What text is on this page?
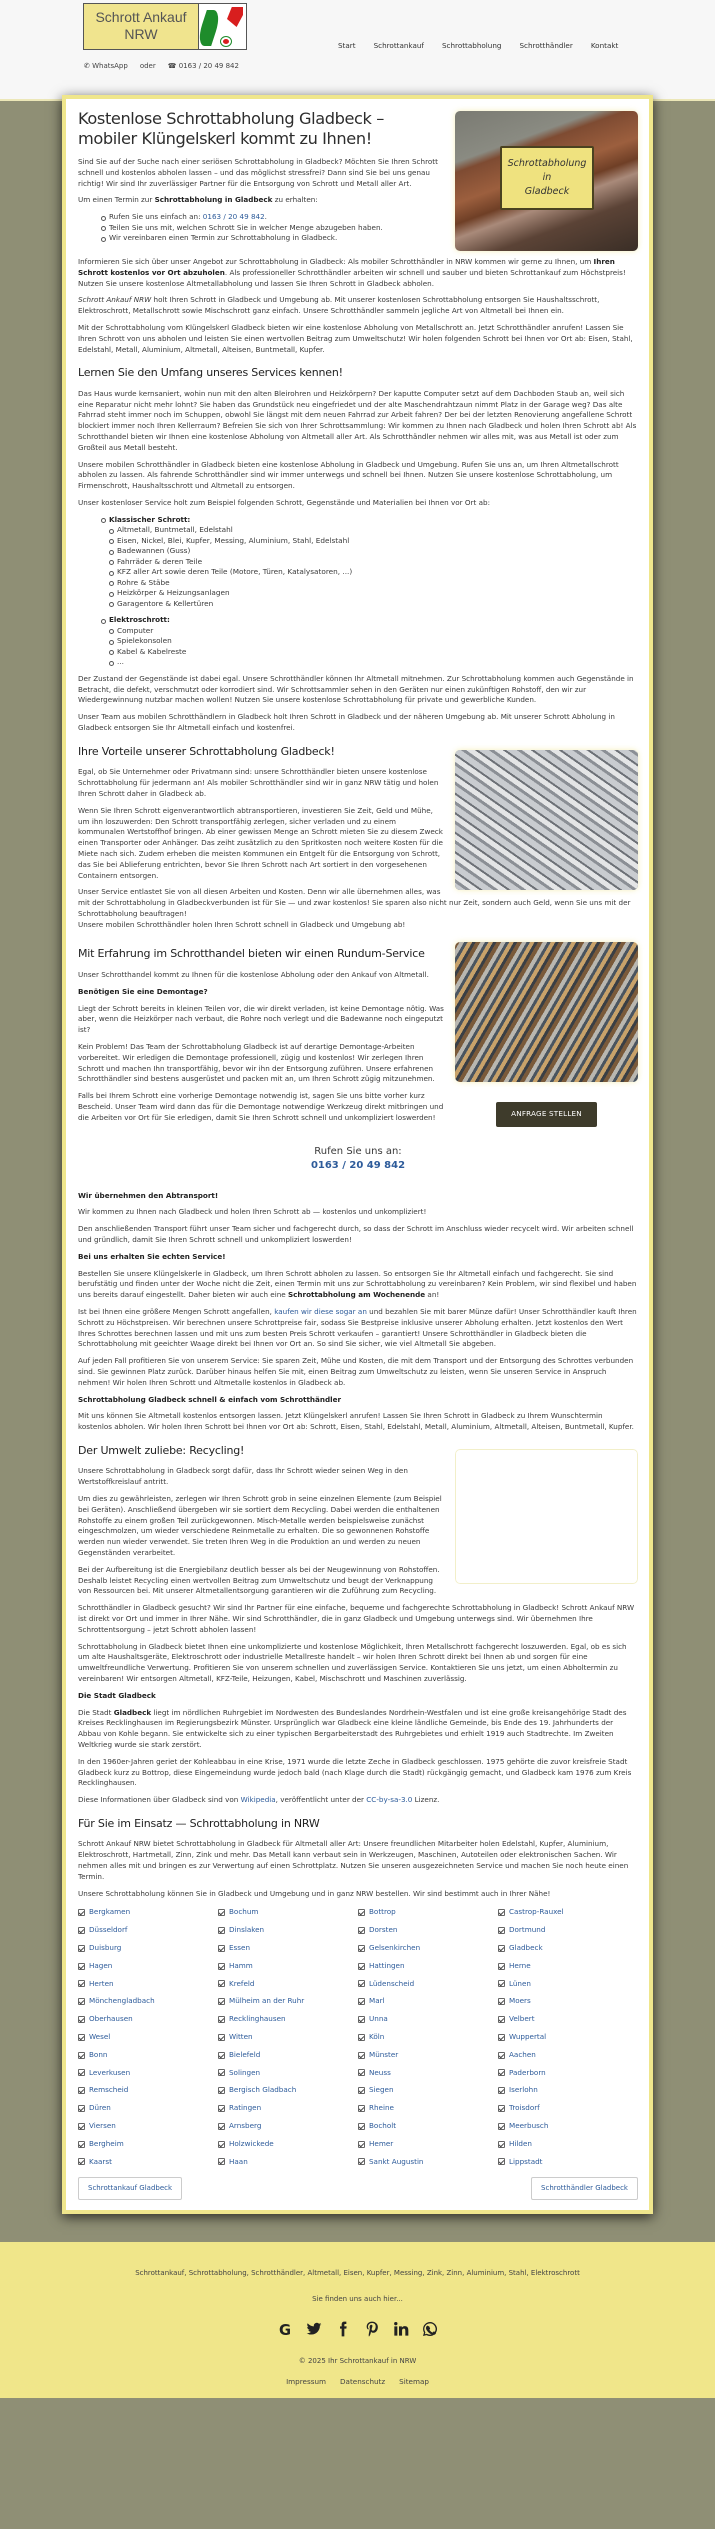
Schrott Ankauf
NRW
✆ WhatsApp oder ☎ 0163 / 20 49 842
Start	Schrottankauf	Schrottabholung	Schrotthändler	Kontakt
Schrottabholung
in
Gladbeck
Kostenlose Schrottabholung Gladbeck – mobiler Klüngelskerl kommt zu Ihnen!

Sind Sie auf der Suche nach einer seriösen Schrottabholung in Gladbeck? Möchten Sie Ihren Schrott schnell und kostenlos abholen lassen – und das möglichst stressfrei? Dann sind Sie bei uns genau richtig! Wir sind Ihr zuverlässiger Partner für die Entsorgung von Schrott und Metall aller Art.

Um einen Termin zur Schrottabholung in Gladbeck zu erhalten:

Rufen Sie uns einfach an: 0163 / 20 49 842.
Teilen Sie uns mit, welchen Schrott Sie in welcher Menge abzugeben haben.
Wir vereinbaren einen Termin zur Schrottabholung in Gladbeck.

Informieren Sie sich über unser Angebot zur Schrottabholung in Gladbeck: Als mobiler Schrotthändler in NRW kommen wir gerne zu Ihnen, um Ihren Schrott kostenlos vor Ort abzuholen. Als professioneller Schrotthändler arbeiten wir schnell und sauber und bieten Schrottankauf zum Höchstpreis! Nutzen Sie unsere kostenlose Altmetallabholung und lassen Sie Ihren Schrott in Gladbeck abholen.

Schrott Ankauf NRW holt Ihren Schrott in Gladbeck und Umgebung ab. Mit unserer kostenlosen Schrottabholung entsorgen Sie Haushaltsschrott, Elektroschrott, Metallschrott sowie Mischschrott ganz einfach. Unsere Schrotthändler sammeln jegliche Art von Altmetall bei Ihnen ein.

Mit der Schrottabholung vom Klüngelskerl Gladbeck bieten wir eine kostenlose Abholung von Metallschrott an. Jetzt Schrotthändler anrufen! Lassen Sie Ihren Schrott von uns abholen und leisten Sie einen wertvollen Beitrag zum Umweltschutz! Wir holen folgenden Schrott bei Ihnen vor Ort ab: Eisen, Stahl, Edelstahl, Metall, Aluminium, Altmetall, Alteisen, Buntmetall, Kupfer.

Lernen Sie den Umfang unseres Services kennen!

Das Haus wurde kernsaniert, wohin nun mit den alten Bleirohren und Heizkörpern? Der kaputte Computer setzt auf dem Dachboden Staub an, weil sich eine Reparatur nicht mehr lohnt? Sie haben das Grundstück neu eingefriedet und der alte Maschendrahtzaun nimmt Platz in der Garage weg? Das alte Fahrrad steht immer noch im Schuppen, obwohl Sie längst mit dem neuen Fahrrad zur Arbeit fahren? Der bei der letzten Renovierung angefallene Schrott blockiert immer noch Ihren Kellerraum? Befreien Sie sich von Ihrer Schrottsammlung: Wir kommen zu Ihnen nach Gladbeck und holen Ihren Schrott ab! Als Schrotthandel bieten wir Ihnen eine kostenlose Abholung von Altmetall aller Art. Als Schrotthändler nehmen wir alles mit, was aus Metall ist oder zum Großteil aus Metall besteht.

Unsere mobilen Schrotthändler in Gladbeck bieten eine kostenlose Abholung in Gladbeck und Umgebung. Rufen Sie uns an, um Ihren Altmetallschrott abholen zu lassen. Als fahrende Schrotthändler sind wir immer unterwegs und schnell bei Ihnen. Nutzen Sie unsere kostenlose Schrottabholung, um Firmenschrott, Haushaltsschrott und Altmetall zu entsorgen.

Unser kostenloser Service holt zum Beispiel folgenden Schrott, Gegenstände und Materialien bei Ihnen vor Ort ab:

Klassischer Schrott:
Altmetall, Buntmetall, Edelstahl
Eisen, Nickel, Blei, Kupfer, Messing, Aluminium, Stahl, Edelstahl
Badewannen (Guss)
Fahrräder & deren Teile
KFZ aller Art sowie deren Teile (Motore, Türen, Katalysatoren, ...)
Rohre & Stäbe
Heizkörper & Heizungsanlagen
Garagentore & Kellertüren
Elektroschrott:
Computer
Spielekonsolen
Kabel & Kabelreste
...

Der Zustand der Gegenstände ist dabei egal. Unsere Schrotthändler können Ihr Altmetall mitnehmen. Zur Schrottabholung kommen auch Gegenstände in Betracht, die defekt, verschmutzt oder korrodiert sind. Wir Schrottsammler sehen in den Geräten nur einen zukünftigen Rohstoff, den wir zur Wiedergewinnung nutzbar machen wollen! Nutzen Sie unsere kostenlose Schrottabholung für private und gewerbliche Kunden.

Unser Team aus mobilen Schrotthändlern in Gladbeck holt Ihren Schrott in Gladbeck und der näheren Umgebung ab. Mit unserer Schrott Abholung in Gladbeck entsorgen Sie Ihr Altmetall einfach und kostenfrei.

Ihre Vorteile unserer Schrottabholung Gladbeck!

Egal, ob Sie Unternehmer oder Privatmann sind: unsere Schrotthändler bieten unsere kostenlose Schrottabholung für jedermann an! Als mobiler Schrotthändler sind wir in ganz NRW tätig und holen Ihren Schrott daher in Gladbeck ab.

Wenn Sie Ihren Schrott eigenverantwortlich abtransportieren, investieren Sie Zeit, Geld und Mühe, um ihn loszuwerden: Den Schrott transportfähig zerlegen, sicher verladen und zu einem kommunalen Wertstoffhof bringen. Ab einer gewissen Menge an Schrott mieten Sie zu diesem Zweck einen Transporter oder Anhänger. Das zeiht zusätzlich zu den Spritkosten noch weitere Kosten für die Miete nach sich. Zudem erheben die meisten Kommunen ein Entgelt für die Entsorgung von Schrott, das Sie bei Ablieferung entrichten, bevor Sie Ihren Schrott nach Art sortiert in den vorgesehenen Containern entsorgen.

Unser Service entlastet Sie von all diesen Arbeiten und Kosten. Denn wir alle übernehmen alles, was mit der Schrottabholung in Gladbeckverbunden ist für Sie — und zwar kostenlos! Sie sparen also nicht nur Zeit, sondern auch Geld, wenn Sie uns mit der Schrottabholung beauftragen!
Unsere mobilen Schrotthändler holen Ihren Schrott schnell in Gladbeck und Umgebung ab!

Mit Erfahrung im Schrotthandel bieten wir einen Rundum-Service

Unser Schrotthandel kommt zu Ihnen für die kostenlose Abholung oder den Ankauf von Altmetall.

Benötigen Sie eine Demontage?

Liegt der Schrott bereits in kleinen Teilen vor, die wir direkt verladen, ist keine Demontage nötig. Was aber, wenn die Heizkörper nach verbaut, die Rohre noch verlegt und die Badewanne noch eingeputzt ist?

ANFRAGE STELLEN

Kein Problem! Das Team der Schrottabholung Gladbeck ist auf derartige Demontage-Arbeiten vorbereitet. Wir erledigen die Demontage professionell, zügig und kostenlos! Wir zerlegen Ihren Schrott und machen Ihn transportfähig, bevor wir ihn der Entsorgung zuführen. Unsere erfahrenen Schrotthändler sind bestens ausgerüstet und packen mit an, um Ihren Schrott zügig mitzunehmen.

Falls bei Ihrem Schrott eine vorherige Demontage notwendig ist, sagen Sie uns bitte vorher kurz Bescheid. Unser Team wird dann das für die Demontage notwendige Werkzeug direkt mitbringen und die Arbeiten vor Ort für Sie erledigen, damit Sie Ihren Schrott schnell und unkompliziert loswerden!

Rufen Sie uns an:
0163 / 20 49 842

Wir übernehmen den Abtransport!

Wir kommen zu Ihnen nach Gladbeck und holen Ihren Schrott ab — kostenlos und unkompliziert!

Den anschließenden Transport führt unser Team sicher und fachgerecht durch, so dass der Schrott im Anschluss wieder recycelt wird. Wir arbeiten schnell und gründlich, damit Sie Ihren Schrott schnell und unkompliziert loswerden!

Bei uns erhalten Sie echten Service!

Bestellen Sie unsere Klüngelskerle in Gladbeck, um Ihren Schrott abholen zu lassen. So entsorgen Sie Ihr Altmetall einfach und fachgerecht. Sie sind berufstätig und finden unter der Woche nicht die Zeit, einen Termin mit uns zur Schrottabholung zu vereinbaren? Kein Problem, wir sind flexibel und haben uns bereits darauf eingestellt. Daher bieten wir auch eine Schrottabholung am Wochenende an!

Ist bei Ihnen eine größere Mengen Schrott angefallen, kaufen wir diese sogar an und bezahlen Sie mit barer Münze dafür! Unser Schrotthändler kauft Ihren Schrott zu Höchstpreisen. Wir berechnen unsere Schrottpreise fair, sodass Sie Bestpreise inklusive unserer Abholung erhalten. Jetzt kostenlos den Wert Ihres Schrottes berechnen lassen und mit uns zum besten Preis Schrott verkaufen – garantiert! Unsere Schrotthändler in Gladbeck bieten die Schrottabholung mit geeichter Waage direkt bei Ihnen vor Ort an. So sind Sie sicher, wie viel Altmetall Sie abgeben.

Auf jeden Fall profitieren Sie von unserem Service: Sie sparen Zeit, Mühe und Kosten, die mit dem Transport und der Entsorgung des Schrottes verbunden sind. Sie gewinnen Platz zurück. Darüber hinaus helfen Sie mit, einen Beitrag zum Umweltschutz zu leisten, wenn Sie unseren Service in Anspruch nehmen! Wir holen Ihren Schrott und Altmetalle kostenlos in Gladbeck ab.

Schrottabholung Gladbeck schnell & einfach vom Schrotthändler

Mit uns können Sie Altmetall kostenlos entsorgen lassen. Jetzt Klüngelskerl anrufen! Lassen Sie Ihren Schrott in Gladbeck zu Ihrem Wunschtermin kostenlos abholen. Wir holen Ihren Schrott bei Ihnen vor Ort ab: Schrott, Eisen, Stahl, Edelstahl, Metall, Aluminium, Altmetall, Alteisen, Buntmetall, Kupfer.

Der Umwelt zuliebe: Recycling!

Unsere Schrottabholung in Gladbeck sorgt dafür, dass Ihr Schrott wieder seinen Weg in den Wertstoffkreislauf antritt.

Um dies zu gewährleisten, zerlegen wir Ihren Schrott grob in seine einzelnen Elemente (zum Beispiel bei Geräten). Anschließend übergeben wir sie sortiert dem Recycling. Dabei werden die enthaltenen Rohstoffe zu einem großen Teil zurückgewonnen. Misch-Metalle werden beispielsweise zunächst eingeschmolzen, um wieder verschiedene Reinmetalle zu erhalten. Die so gewonnenen Rohstoffe werden nun wieder verwendet. Sie treten Ihren Weg in die Produktion an und werden zu neuen Gegenständen verarbeitet.

Bei der Aufbereitung ist die Energiebilanz deutlich besser als bei der Neugewinnung von Rohstoffen. Deshalb leistet Recycling einen wertvollen Beitrag zum Umweltschutz und beugt der Verknappung von Ressourcen bei. Mit unserer Altmetallentsorgung garantieren wir die Zuführung zum Recycling.

Schrotthändler in Gladbeck gesucht? Wir sind Ihr Partner für eine einfache, bequeme und fachgerechte Schrottabholung in Gladbeck! Schrott Ankauf NRW ist direkt vor Ort und immer in Ihrer Nähe. Wir sind Schrotthändler, die in ganz Gladbeck und Umgebung unterwegs sind. Wir übernehmen Ihre Schrottentsorgung – jetzt Schrott abholen lassen!

Schrottabholung in Gladbeck bietet Ihnen eine unkomplizierte und kostenlose Möglichkeit, Ihren Metallschrott fachgerecht loszuwerden. Egal, ob es sich um alte Haushaltsgeräte, Elektroschrott oder industrielle Metallreste handelt – wir holen Ihren Schrott direkt bei Ihnen ab und sorgen für eine umweltfreundliche Verwertung. Profitieren Sie von unserem schnellen und zuverlässigen Service. Kontaktieren Sie uns jetzt, um einen Abholtermin zu vereinbaren! Wir entsorgen Altmetall, KFZ-Teile, Heizungen, Kabel, Mischschrott und Maschinen zuverlässig.

Die Stadt Gladbeck

Die Stadt Gladbeck liegt im nördlichen Ruhrgebiet im Nordwesten des Bundeslandes Nordrhein-Westfalen und ist eine große kreisangehörige Stadt des Kreises Recklinghausen im Regierungsbezirk Münster. Ursprünglich war Gladbeck eine kleine ländliche Gemeinde, bis Ende des 19. Jahrhunderts der Abbau von Kohle begann. Sie entwickelte sich zu einer typischen Bergarbeiterstadt des Ruhrgebietes und erhielt 1919 auch Stadtrechte. Im Zweiten Weltkrieg wurde sie stark zerstört.

In den 1960er-Jahren geriet der Kohleabbau in eine Krise, 1971 wurde die letzte Zeche in Gladbeck geschlossen. 1975 gehörte die zuvor kreisfreie Stadt Gladbeck kurz zu Bottrop, diese Eingemeindung wurde jedoch bald (nach Klage durch die Stadt) rückgängig gemacht, und Gladbeck kam 1976 zum Kreis Recklinghausen.

Diese Informationen über Gladbeck sind von Wikipedia, veröffentlicht unter der CC-by-sa-3.0 Lizenz.

Für Sie im Einsatz — Schrottabholung in NRW

Schrott Ankauf NRW bietet Schrottabholung in Gladbeck für Altmetall aller Art: Unsere freundlichen Mitarbeiter holen Edelstahl, Kupfer, Aluminium, Elektroschrott, Hartmetall, Zinn, Zink und mehr. Das Metall kann verbaut sein in Werkzeugen, Maschinen, Autoteilen oder elektronischen Sachen. Wir nehmen alles mit und bringen es zur Verwertung auf einen Schrottplatz. Nutzen Sie unseren ausgezeichneten Service und machen Sie noch heute einen Termin.

Unsere Schrottabholung können Sie in Gladbeck und Umgebung und in ganz NRW bestellen. Wir sind bestimmt auch in Ihrer Nähe!

Bergkamen	Bochum	Bottrop	Castrop-Rauxel
Düsseldorf	Dinslaken	Dorsten	Dortmund
Duisburg	Essen	Gelsenkirchen	Gladbeck
Hagen	Hamm	Hattingen	Herne
Herten	Krefeld	Lüdenscheid	Lünen
Mönchengladbach	Mülheim an der Ruhr	Marl	Moers
Oberhausen	Recklinghausen	Unna	Velbert
Wesel	Witten	Köln	Wuppertal
Bonn	Bielefeld	Münster	Aachen
Leverkusen	Solingen	Neuss	Paderborn
Remscheid	Bergisch Gladbach	Siegen	Iserlohn
Düren	Ratingen	Rheine	Troisdorf
Viersen	Arnsberg	Bocholt	Meerbusch
Bergheim	Holzwickede	Hemer	Hilden
Kaarst	Haan	Sankt Augustin	Lippstadt
Schrottankauf Gladbeck	Schrotthändler Gladbeck
Schrottankauf, Schrottabholung, Schrotthändler, Altmetall, Eisen, Kupfer, Messing, Zink, Zinn, Aluminium, Stahl, Elektroschrott
Sie finden uns auch hier...
G
© 2025 Ihr Schrottankauf in NRW
Impressum Datenschutz Sitemap
